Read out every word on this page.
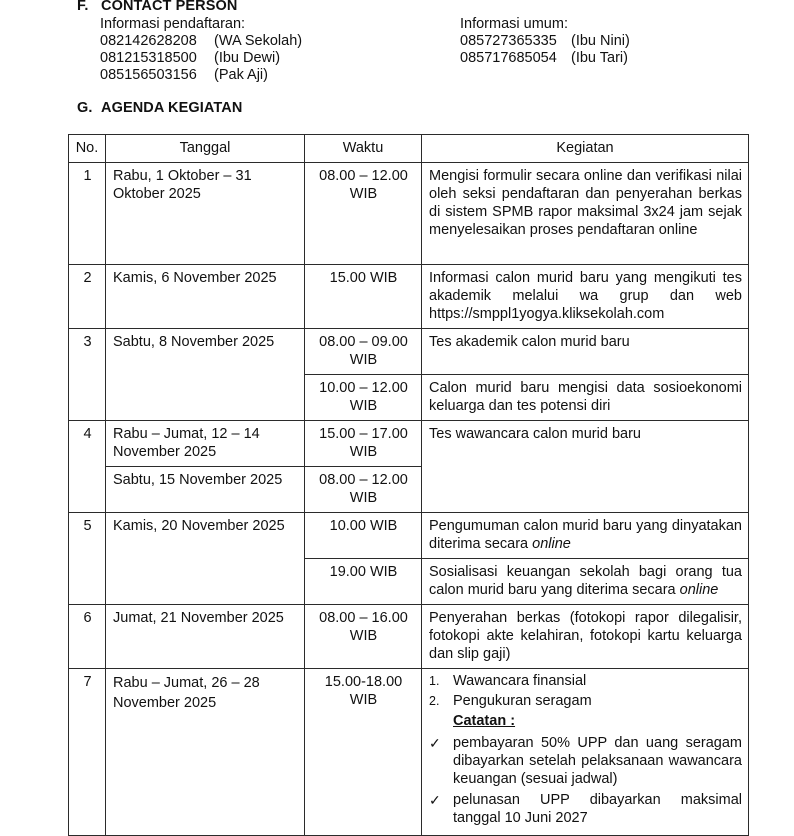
F. CONTACT PERSON
Informasi pendaftaran:
082142628208 (WA Sekolah)
081215318500 (Ibu Dewi)
085156503156 (Pak Aji)
Informasi umum:
085727365335 (Ibu Nini)
085717685054 (Ibu Tari)
G. AGENDA KEGIATAN
No.	Tanggal	Waktu	Kegiatan
1	Rabu, 1 Oktober – 31 Oktober 2025	08.00 – 12.00 WIB	Mengisi formulir secara online dan verifikasi nilai oleh seksi pendaftaran dan penyerahan berkas di sistem SPMB rapor maksimal 3x24 jam sejak menyelesaikan proses pendaftaran online
2	Kamis, 6 November 2025	15.00 WIB	Informasi calon murid baru yang mengikuti tes akademik melalui wa grup dan web https://smppl1yogya.kliksekolah.com
3	Sabtu, 8 November 2025	08.00 – 09.00 WIB	Tes akademik calon murid baru
		10.00 – 12.00 WIB	Calon murid baru mengisi data sosioekonomi keluarga dan tes potensi diri
4	Rabu – Jumat, 12 – 14 November 2025	15.00 – 17.00 WIB	Tes wawancara calon murid baru
	Sabtu, 15 November 2025	08.00 – 12.00 WIB	
5	Kamis, 20 November 2025	10.00 WIB	Pengumuman calon murid baru yang dinyatakan diterima secara online
		19.00 WIB	Sosialisasi keuangan sekolah bagi orang tua calon murid baru yang diterima secara online
6	Jumat, 21 November 2025	08.00 – 16.00 WIB	Penyerahan berkas (fotokopi rapor dilegalisir, fotokopi akte kelahiran, fotokopi kartu keluarga dan slip gaji)
7	Rabu – Jumat, 26 – 28 November 2025	15.00-18.00 WIB	
1. Wawancara finansial
2. Pengukuran seragam
Catatan :
✓ pembayaran 50% UPP dan uang seragam dibayarkan setelah pelaksanaan wawancara keuangan (sesuai jadwal)
✓ pelunasan UPP dibayarkan maksimal tanggal 10 Juni 2027
